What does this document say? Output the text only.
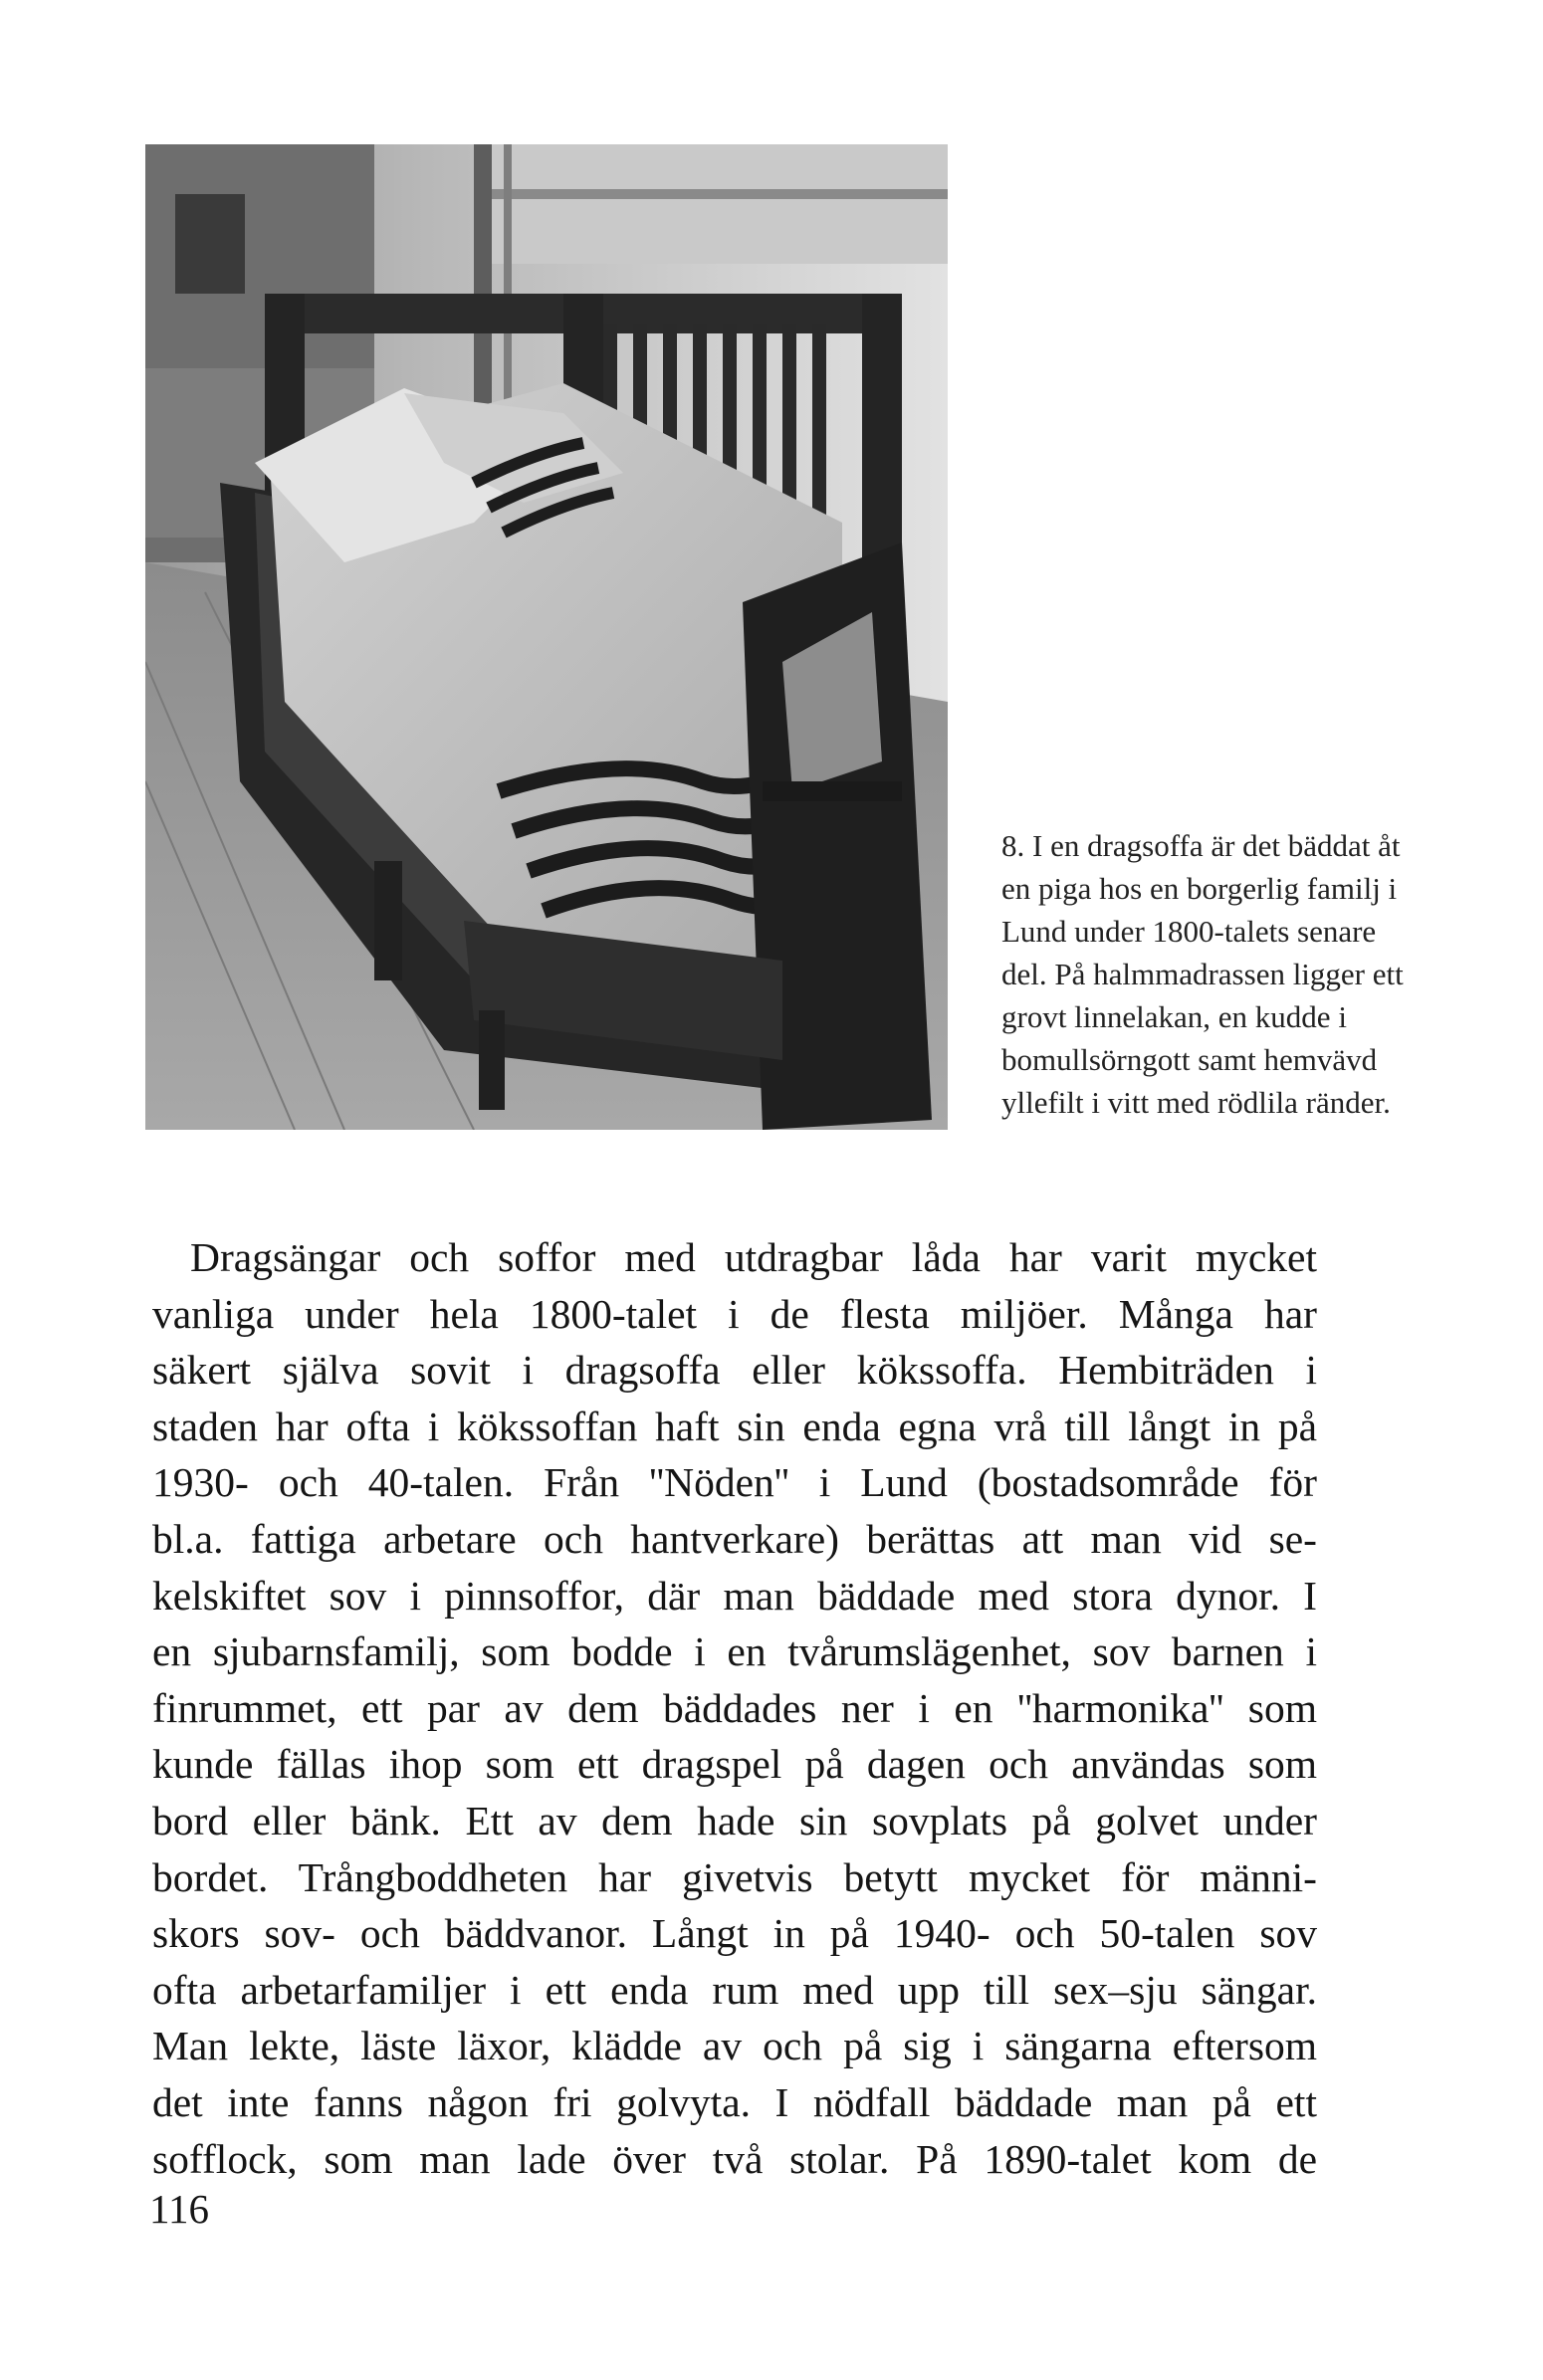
8. I en dragsoffa är det bäddat åt
en piga hos en borgerlig familj i
Lund under 1800-talets senare
del. På halmmadrassen ligger ett
grovt linnelakan, en kudde i
bomullsörngott samt hemvävd
yllefilt i vitt med rödlila ränder.

Dragsängar och soffor med utdragbar låda har varit mycket
vanliga under hela 1800-talet i de flesta miljöer. Många har
säkert själva sovit i dragsoffa eller kökssoffa. Hembiträden i
staden har ofta i kökssoffan haft sin enda egna vrå till långt in på
1930- och 40-talen. Från ''Nöden'' i Lund (bostadsområde för
bl.a. fattiga arbetare och hantverkare) berättas att man vid se-
kelskiftet sov i pinnsoffor, där man bäddade med stora dynor. I
en sjubarnsfamilj, som bodde i en tvårumslägenhet, sov barnen i
finrummet, ett par av dem bäddades ner i en ''harmonika'' som
kunde fällas ihop som ett dragspel på dagen och användas som
bord eller bänk. Ett av dem hade sin sovplats på golvet under
bordet. Trångboddheten har givetvis betytt mycket för männi-
skors sov- och bäddvanor. Långt in på 1940- och 50-talen sov
ofta arbetarfamiljer i ett enda rum med upp till sex–sju sängar.
Man lekte, läste läxor, klädde av och på sig i sängarna eftersom
det inte fanns någon fri golvyta. I nödfall bäddade man på ett
sofflock, som man lade över två stolar. På 1890-talet kom de
116
